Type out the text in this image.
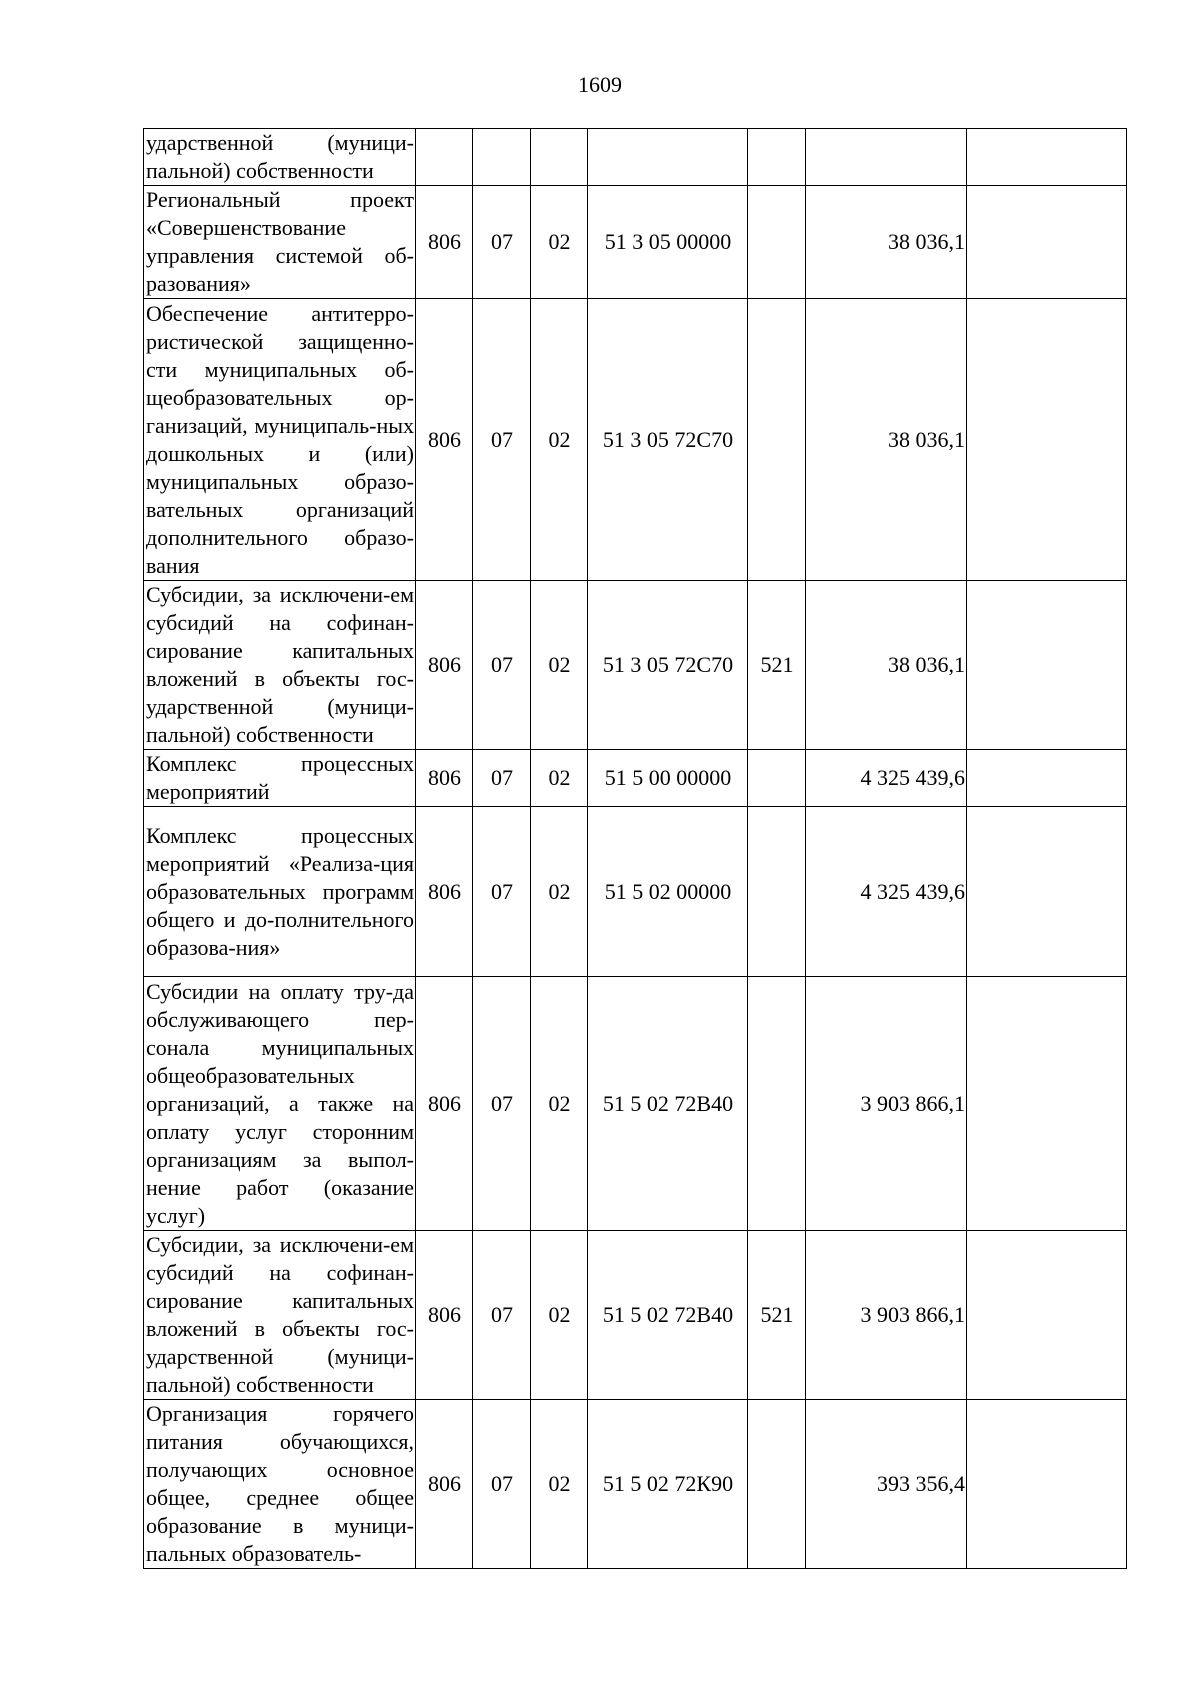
1609
ударственной (муници-пальной) собственности							

Региональный проект «Совершенствование управления системой об-разования»	806	07	02	51 3 05 00000		38 036,1	
Обеспечение антитерро-ристической защищенно-сти муниципальных об-щеобразовательных ор-ганизаций, муниципаль-ных дошкольных и (или) муниципальных образо-вательных организаций дополнительного образо-вания	806	07	02	51 3 05 72С70		38 036,1	
Субсидии, за исключени-ем субсидий на софинан-сирование капитальных вложений в объекты гос-ударственной (муници-пальной) собственности	806	07	02	51 3 05 72С70	521	38 036,1	
Комплекс процессных мероприятий	806	07	02	51 5 00 00000		4 325 439,6	
Комплекс процессных мероприятий «Реализа-ция образовательных программ общего и до-полнительного образова-ния»	806	07	02	51 5 02 00000		4 325 439,6	
Субсидии на оплату тру-да обслуживающего пер-сонала муниципальных общеобразовательных организаций, а также на оплату услуг сторонним организациям за выпол-нение работ (оказание услуг)	806	07	02	51 5 02 72В40		3 903 866,1	
Субсидии, за исключени-ем субсидий на софинан-сирование капитальных вложений в объекты гос-ударственной (муници-пальной) собственности	806	07	02	51 5 02 72В40	521	3 903 866,1	
Организация горячего питания обучающихся, получающих основное общее, среднее общее образование в муници-пальных образователь-	806	07	02	51 5 02 72К90		393 356,4	
